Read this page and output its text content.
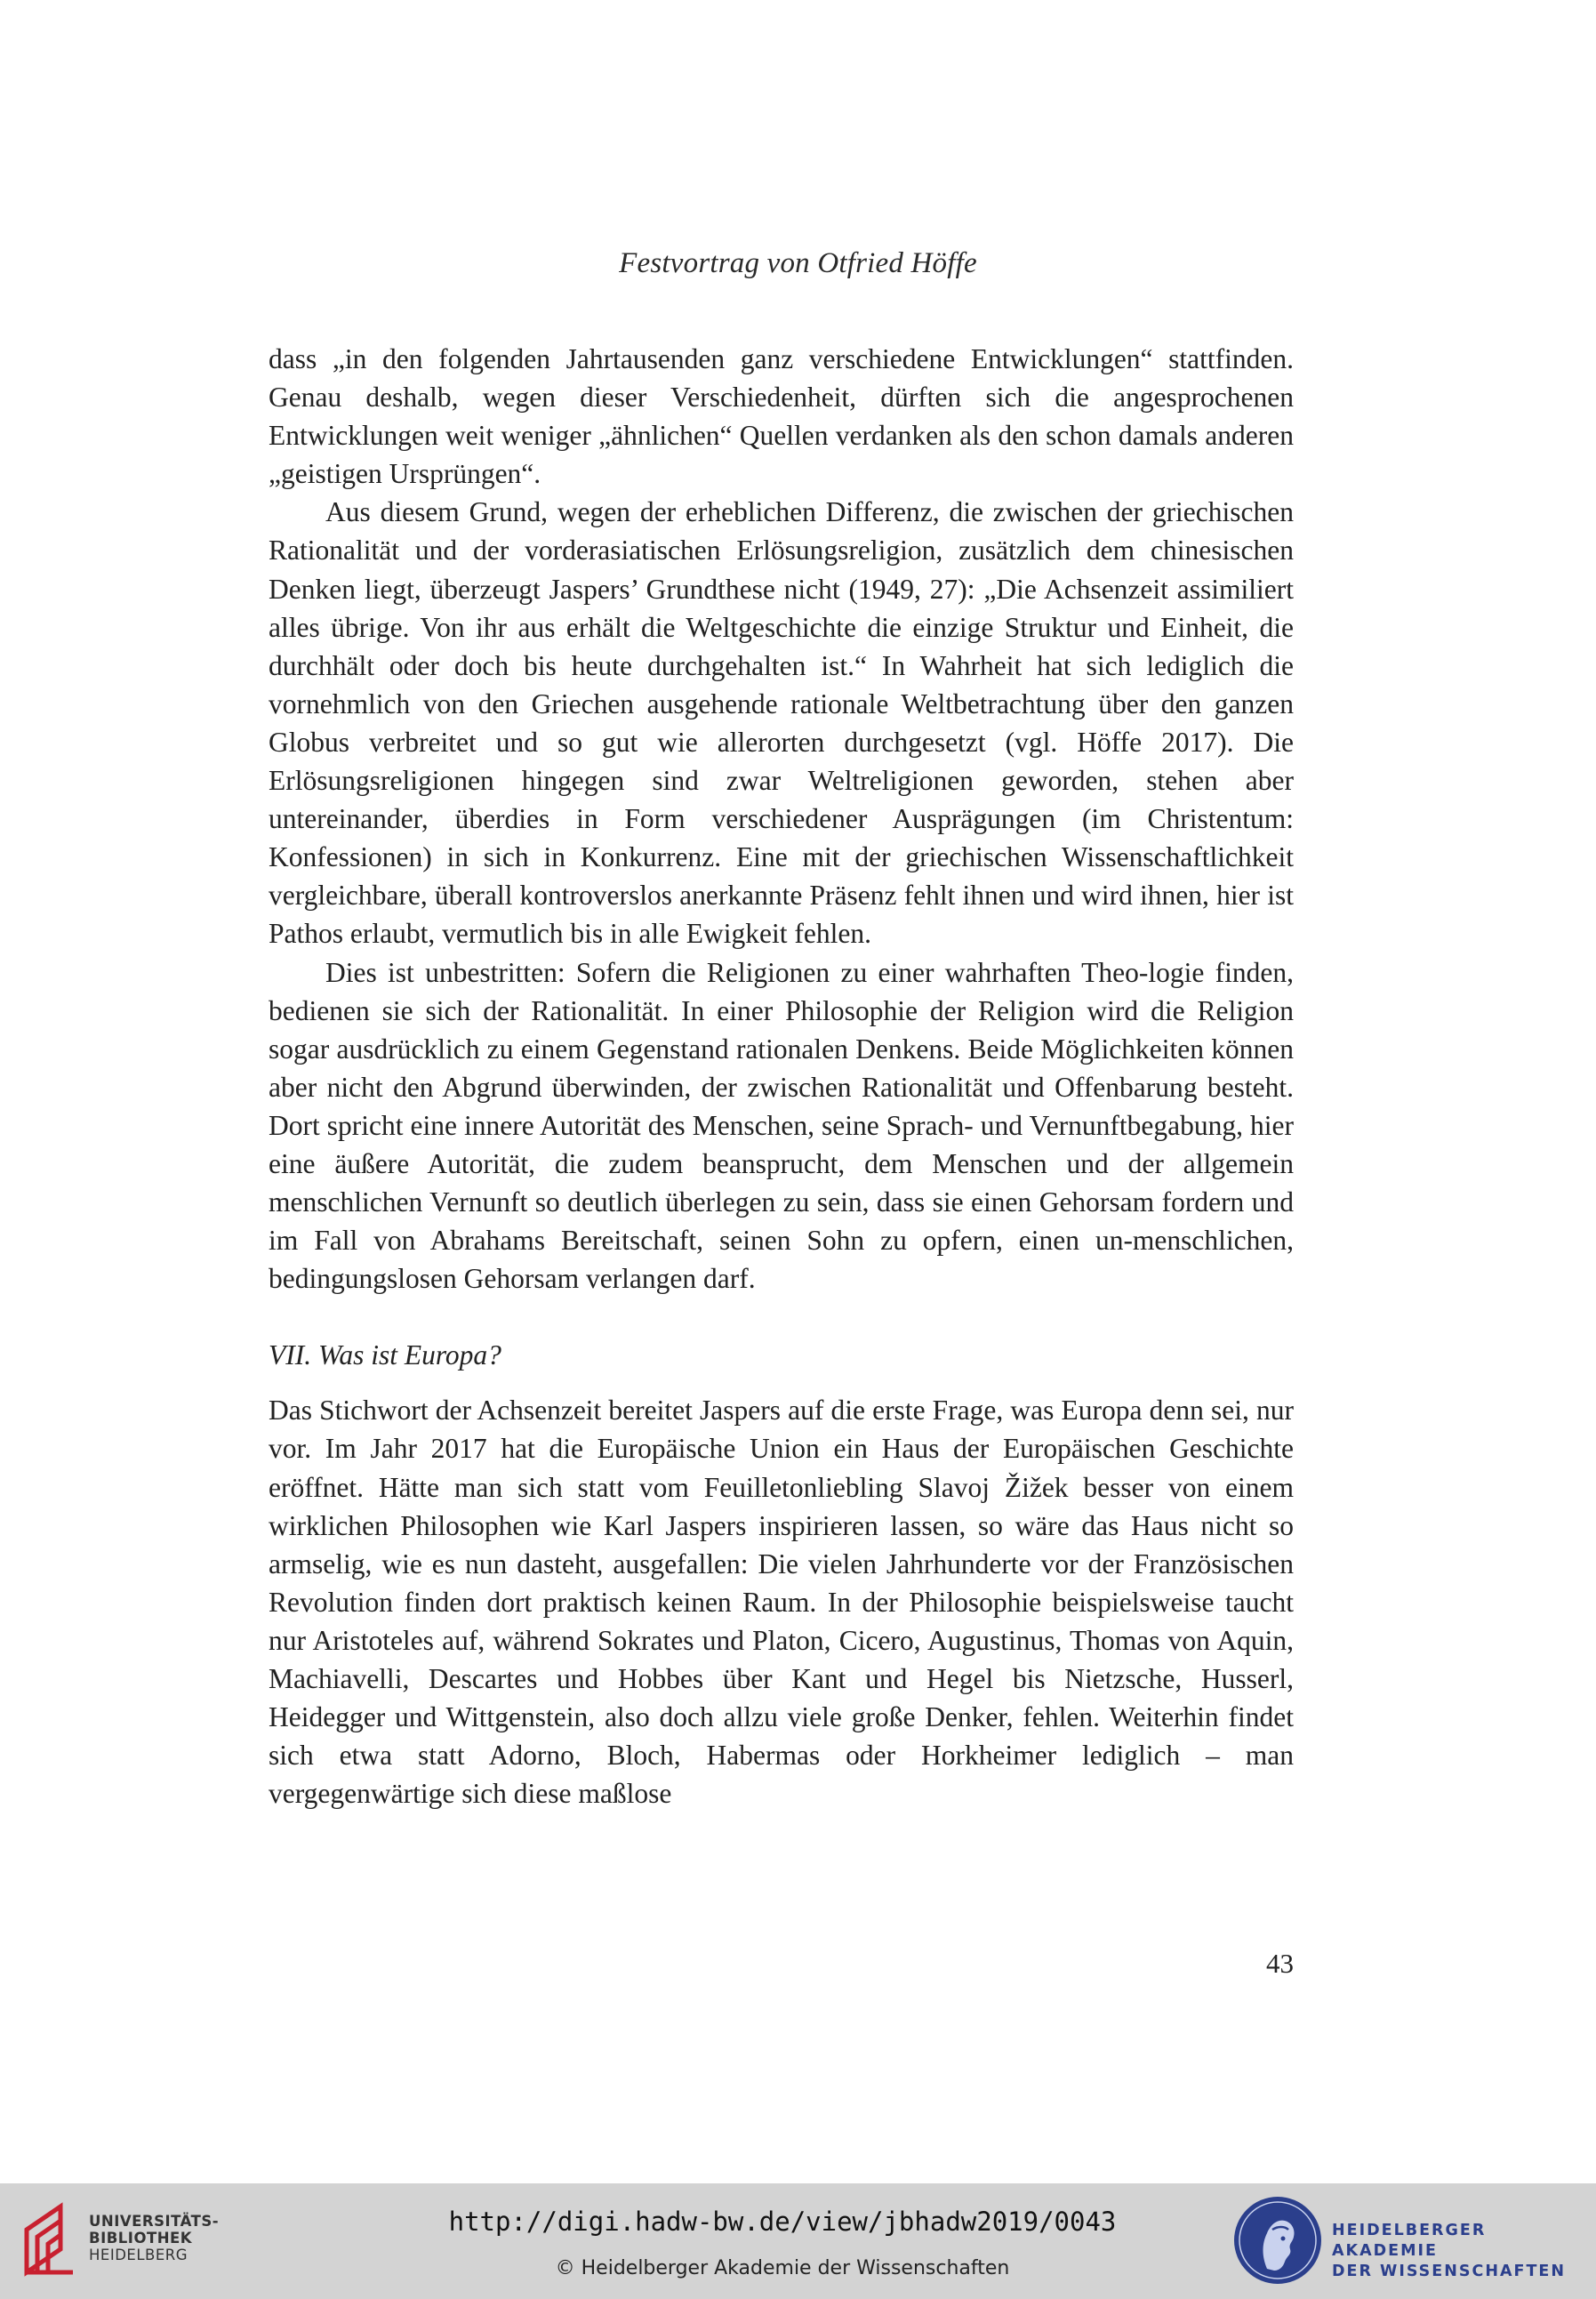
Festvortrag von Otfried Höffe

dass „in den folgenden Jahrtausenden ganz verschiedene Entwicklungen“ stattfinden. Genau deshalb, wegen dieser Verschiedenheit, dürften sich die angesprochenen Entwicklungen weit weniger „ähnlichen“ Quellen verdanken als den schon damals anderen „geistigen Ursprüngen“.

Aus diesem Grund, wegen der erheblichen Differenz, die zwischen der griechischen Rationalität und der vorderasiatischen Erlösungsreligion, zusätzlich dem chinesischen Denken liegt, überzeugt Jaspers’ Grundthese nicht (1949, 27): „Die Achsenzeit assimiliert alles übrige. Von ihr aus erhält die Weltgeschichte die einzige Struktur und Einheit, die durchhält oder doch bis heute durchgehalten ist.“ In Wahrheit hat sich lediglich die vornehmlich von den Griechen ausgehende rationale Weltbetrachtung über den ganzen Globus verbreitet und so gut wie allerorten durchgesetzt (vgl. Höffe 2017). Die Erlösungsreligionen hingegen sind zwar Weltreligionen geworden, stehen aber untereinander, überdies in Form verschiedener Ausprägungen (im Christentum: Konfessionen) in sich in Konkurrenz. Eine mit der griechischen Wissenschaftlichkeit vergleichbare, überall kontroverslos anerkannte Präsenz fehlt ihnen und wird ihnen, hier ist Pathos erlaubt, vermutlich bis in alle Ewigkeit fehlen.

Dies ist unbestritten: Sofern die Religionen zu einer wahrhaften Theo-logie finden, bedienen sie sich der Rationalität. In einer Philosophie der Religion wird die Religion sogar ausdrücklich zu einem Gegenstand rationalen Denkens. Beide Möglichkeiten können aber nicht den Abgrund überwinden, der zwischen Rationalität und Offenbarung besteht. Dort spricht eine innere Autorität des Menschen, seine Sprach- und Vernunftbegabung, hier eine äußere Autorität, die zudem beansprucht, dem Menschen und der allgemein menschlichen Vernunft so deutlich überlegen zu sein, dass sie einen Gehorsam fordern und im Fall von Abrahams Bereitschaft, seinen Sohn zu opfern, einen un-menschlichen, bedingungslosen Gehorsam verlangen darf.

VII. Was ist Europa?

Das Stichwort der Achsenzeit bereitet Jaspers auf die erste Frage, was Europa denn sei, nur vor. Im Jahr 2017 hat die Europäische Union ein Haus der Europäischen Geschichte eröffnet. Hätte man sich statt vom Feuilletonliebling Slavoj Žižek besser von einem wirklichen Philosophen wie Karl Jaspers inspirieren lassen, so wäre das Haus nicht so armselig, wie es nun dasteht, ausgefallen: Die vielen Jahrhunderte vor der Französischen Revolution finden dort praktisch keinen Raum. In der Philosophie beispielsweise taucht nur Aristoteles auf, während Sokrates und Platon, Cicero, Augustinus, Thomas von Aquin, Machiavelli, Descartes und Hobbes über Kant und Hegel bis Nietzsche, Husserl, Heidegger und Wittgenstein, also doch allzu viele große Denker, fehlen. Weiterhin findet sich etwa statt Adorno, Bloch, Habermas oder Horkheimer lediglich – man vergegenwärtige sich diese maßlose

43
UNIVERSITÄTS-
BIBLIOTHEK
HEIDELBERG
http://digi.hadw-bw.de/view/jbhadw2019/0043
© Heidelberger Akademie der Wissenschaften
HEIDELBERGER AKADEMIE
DER WISSENSCHAFTEN
